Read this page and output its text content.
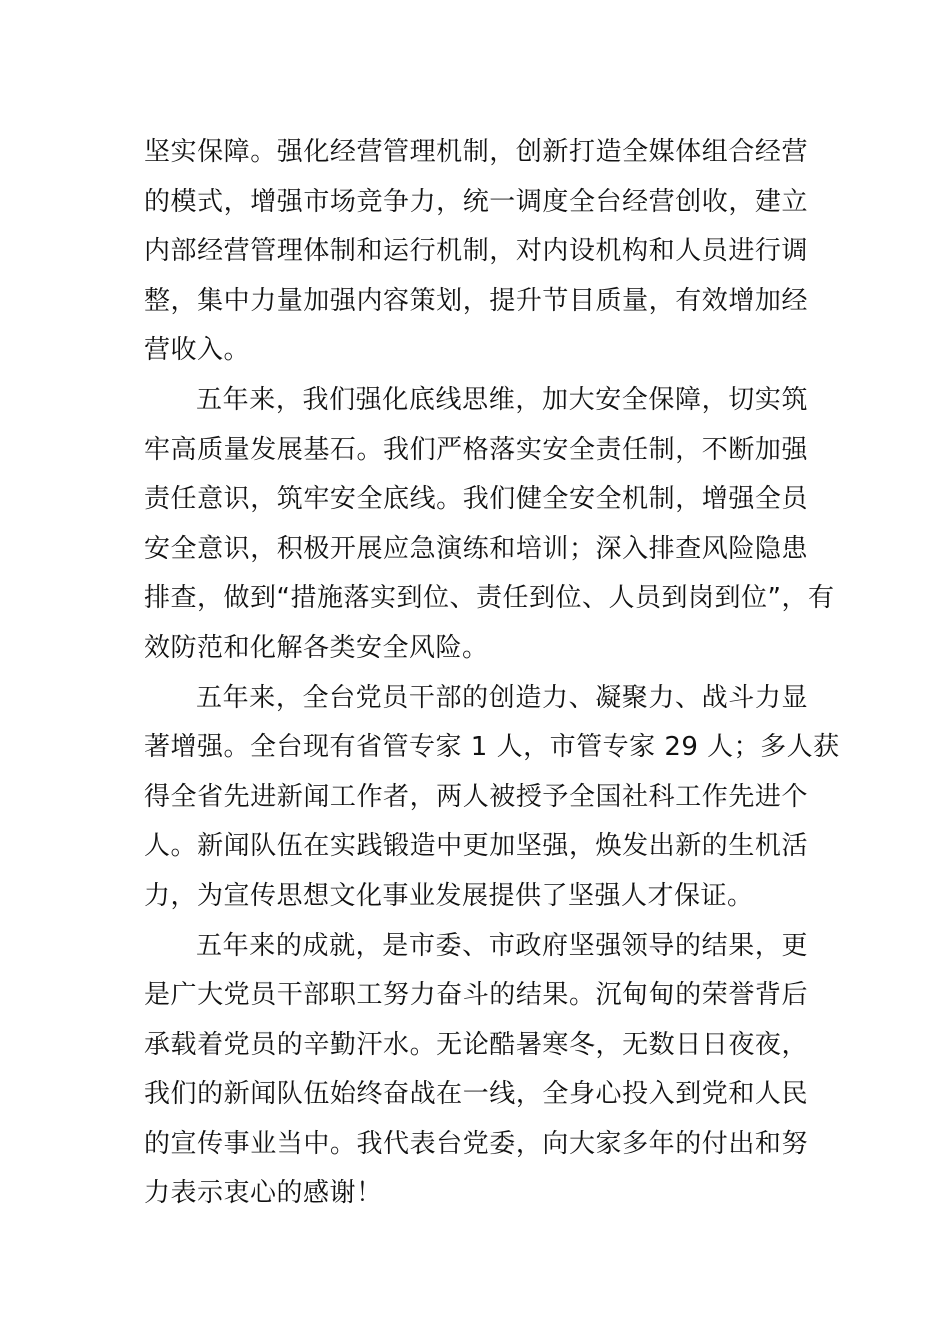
坚实保障。强化经营管理机制，创新打造全媒体组合经营
的模式，增强市场竞争力，统一调度全台经营创收，建立
内部经营管理体制和运行机制，对内设机构和人员进行调
整，集中力量加强内容策划，提升节目质量，有效增加经
营收入。
五年来，我们强化底线思维，加大安全保障，切实筑
牢高质量发展基石。我们严格落实安全责任制，不断加强
责任意识，筑牢安全底线。我们健全安全机制，增强全员
安全意识，积极开展应急演练和培训；深入排查风险隐患
排查，做到“措施落实到位、责任到位、人员到岗到位”，有
效防范和化解各类安全风险。
五年来，全台党员干部的创造力、凝聚力、战斗力显
著增强。全台现有省管专家 1 人，市管专家 29 人；多人获
得全省先进新闻工作者，两人被授予全国社科工作先进个
人。新闻队伍在实践锻造中更加坚强，焕发出新的生机活
力，为宣传思想文化事业发展提供了坚强人才保证。
五年来的成就，是市委、市政府坚强领导的结果，更
是广大党员干部职工努力奋斗的结果。沉甸甸的荣誉背后
承载着党员的辛勤汗水。无论酷暑寒冬，无数日日夜夜，
我们的新闻队伍始终奋战在一线，全身心投入到党和人民
的宣传事业当中。我代表台党委，向大家多年的付出和努
力表示衷心的感谢！
